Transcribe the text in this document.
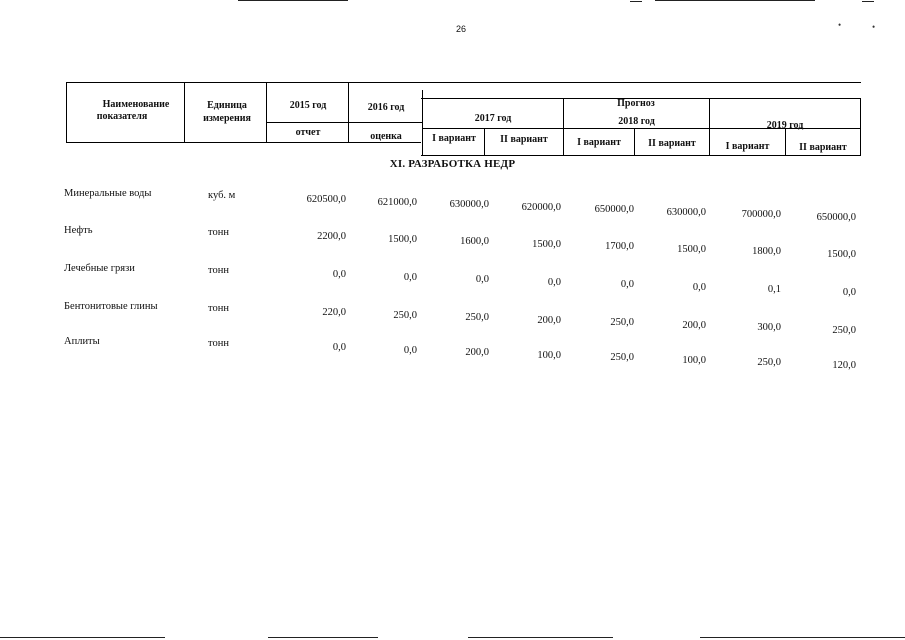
•	•
26
Наименование
показателя
Единица
измерения
2015 год	2016 год
отчет	оценка
Прогноз
2017 год	2018 год	2019 год
I вариант	II вариант	I вариант	II вариант	I вариант	II вариант
XI. РАЗРАБОТКА НЕДР
Минеральные воды	куб. м	620500,0	621000,0	630000,0	620000,0	650000,0	630000,0	700000,0	650000,0
Нефть	тонн	2200,0	1500,0	1600,0	1500,0	1700,0	1500,0	1800,0	1500,0
Лечебные грязи	тонн	0,0	0,0	0,0	0,0	0,0	0,0	0,1	0,0
Бентонитовые глины	тонн	220,0	250,0	250,0	200,0	250,0	200,0	300,0	250,0
Аплиты	тонн	0,0	0,0	200,0	100,0	250,0	100,0	250,0	120,0
